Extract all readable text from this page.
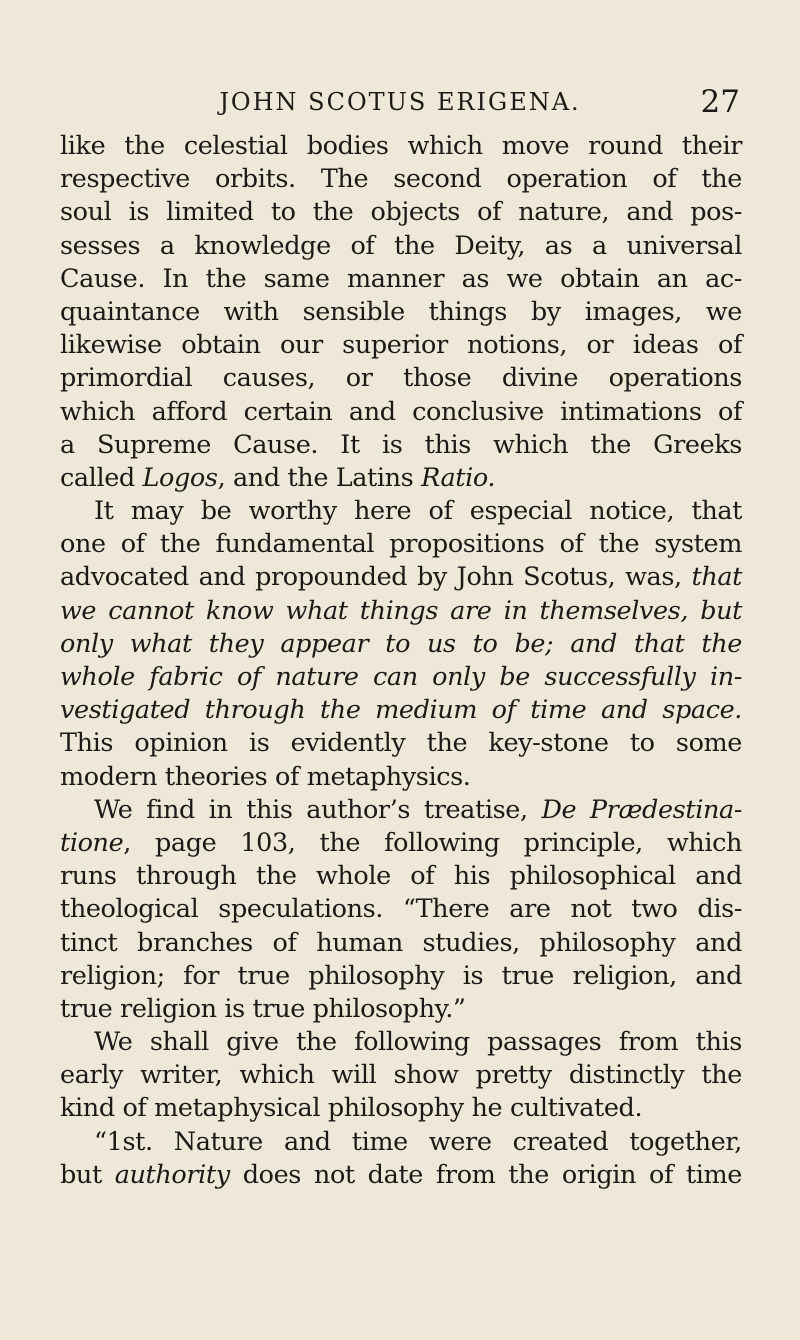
JOHN SCOTUS ERIGENA.	27
like the celestial bodies which move round their
respective orbits. The second operation of the
soul is limited to the objects of nature, and pos-
sesses a knowledge of the Deity, as a universal
Cause. In the same manner as we obtain an ac-
quaintance with sensible things by images, we
likewise obtain our superior notions, or ideas of
primordial causes, or those divine operations
which afford certain and conclusive intimations of
a Supreme Cause. It is this which the Greeks
called Logos, and the Latins Ratio.
It may be worthy here of especial notice, that
one of the fundamental propositions of the system
advocated and propounded by John Scotus, was, that
we cannot know what things are in themselves, but
only what they appear to us to be; and that the
whole fabric of nature can only be successfully in-
vestigated through the medium of time and space.
This opinion is evidently the key-stone to some
modern theories of metaphysics.
We find in this author’s treatise, De Prædestina-
tione, page 103, the following principle, which
runs through the whole of his philosophical and
theological speculations. “There are not two dis-
tinct branches of human studies, philosophy and
religion; for true philosophy is true religion, and
true religion is true philosophy.”
We shall give the following passages from this
early writer, which will show pretty distinctly the
kind of metaphysical philosophy he cultivated.
“1st. Nature and time were created together,
but authority does not date from the origin of time
